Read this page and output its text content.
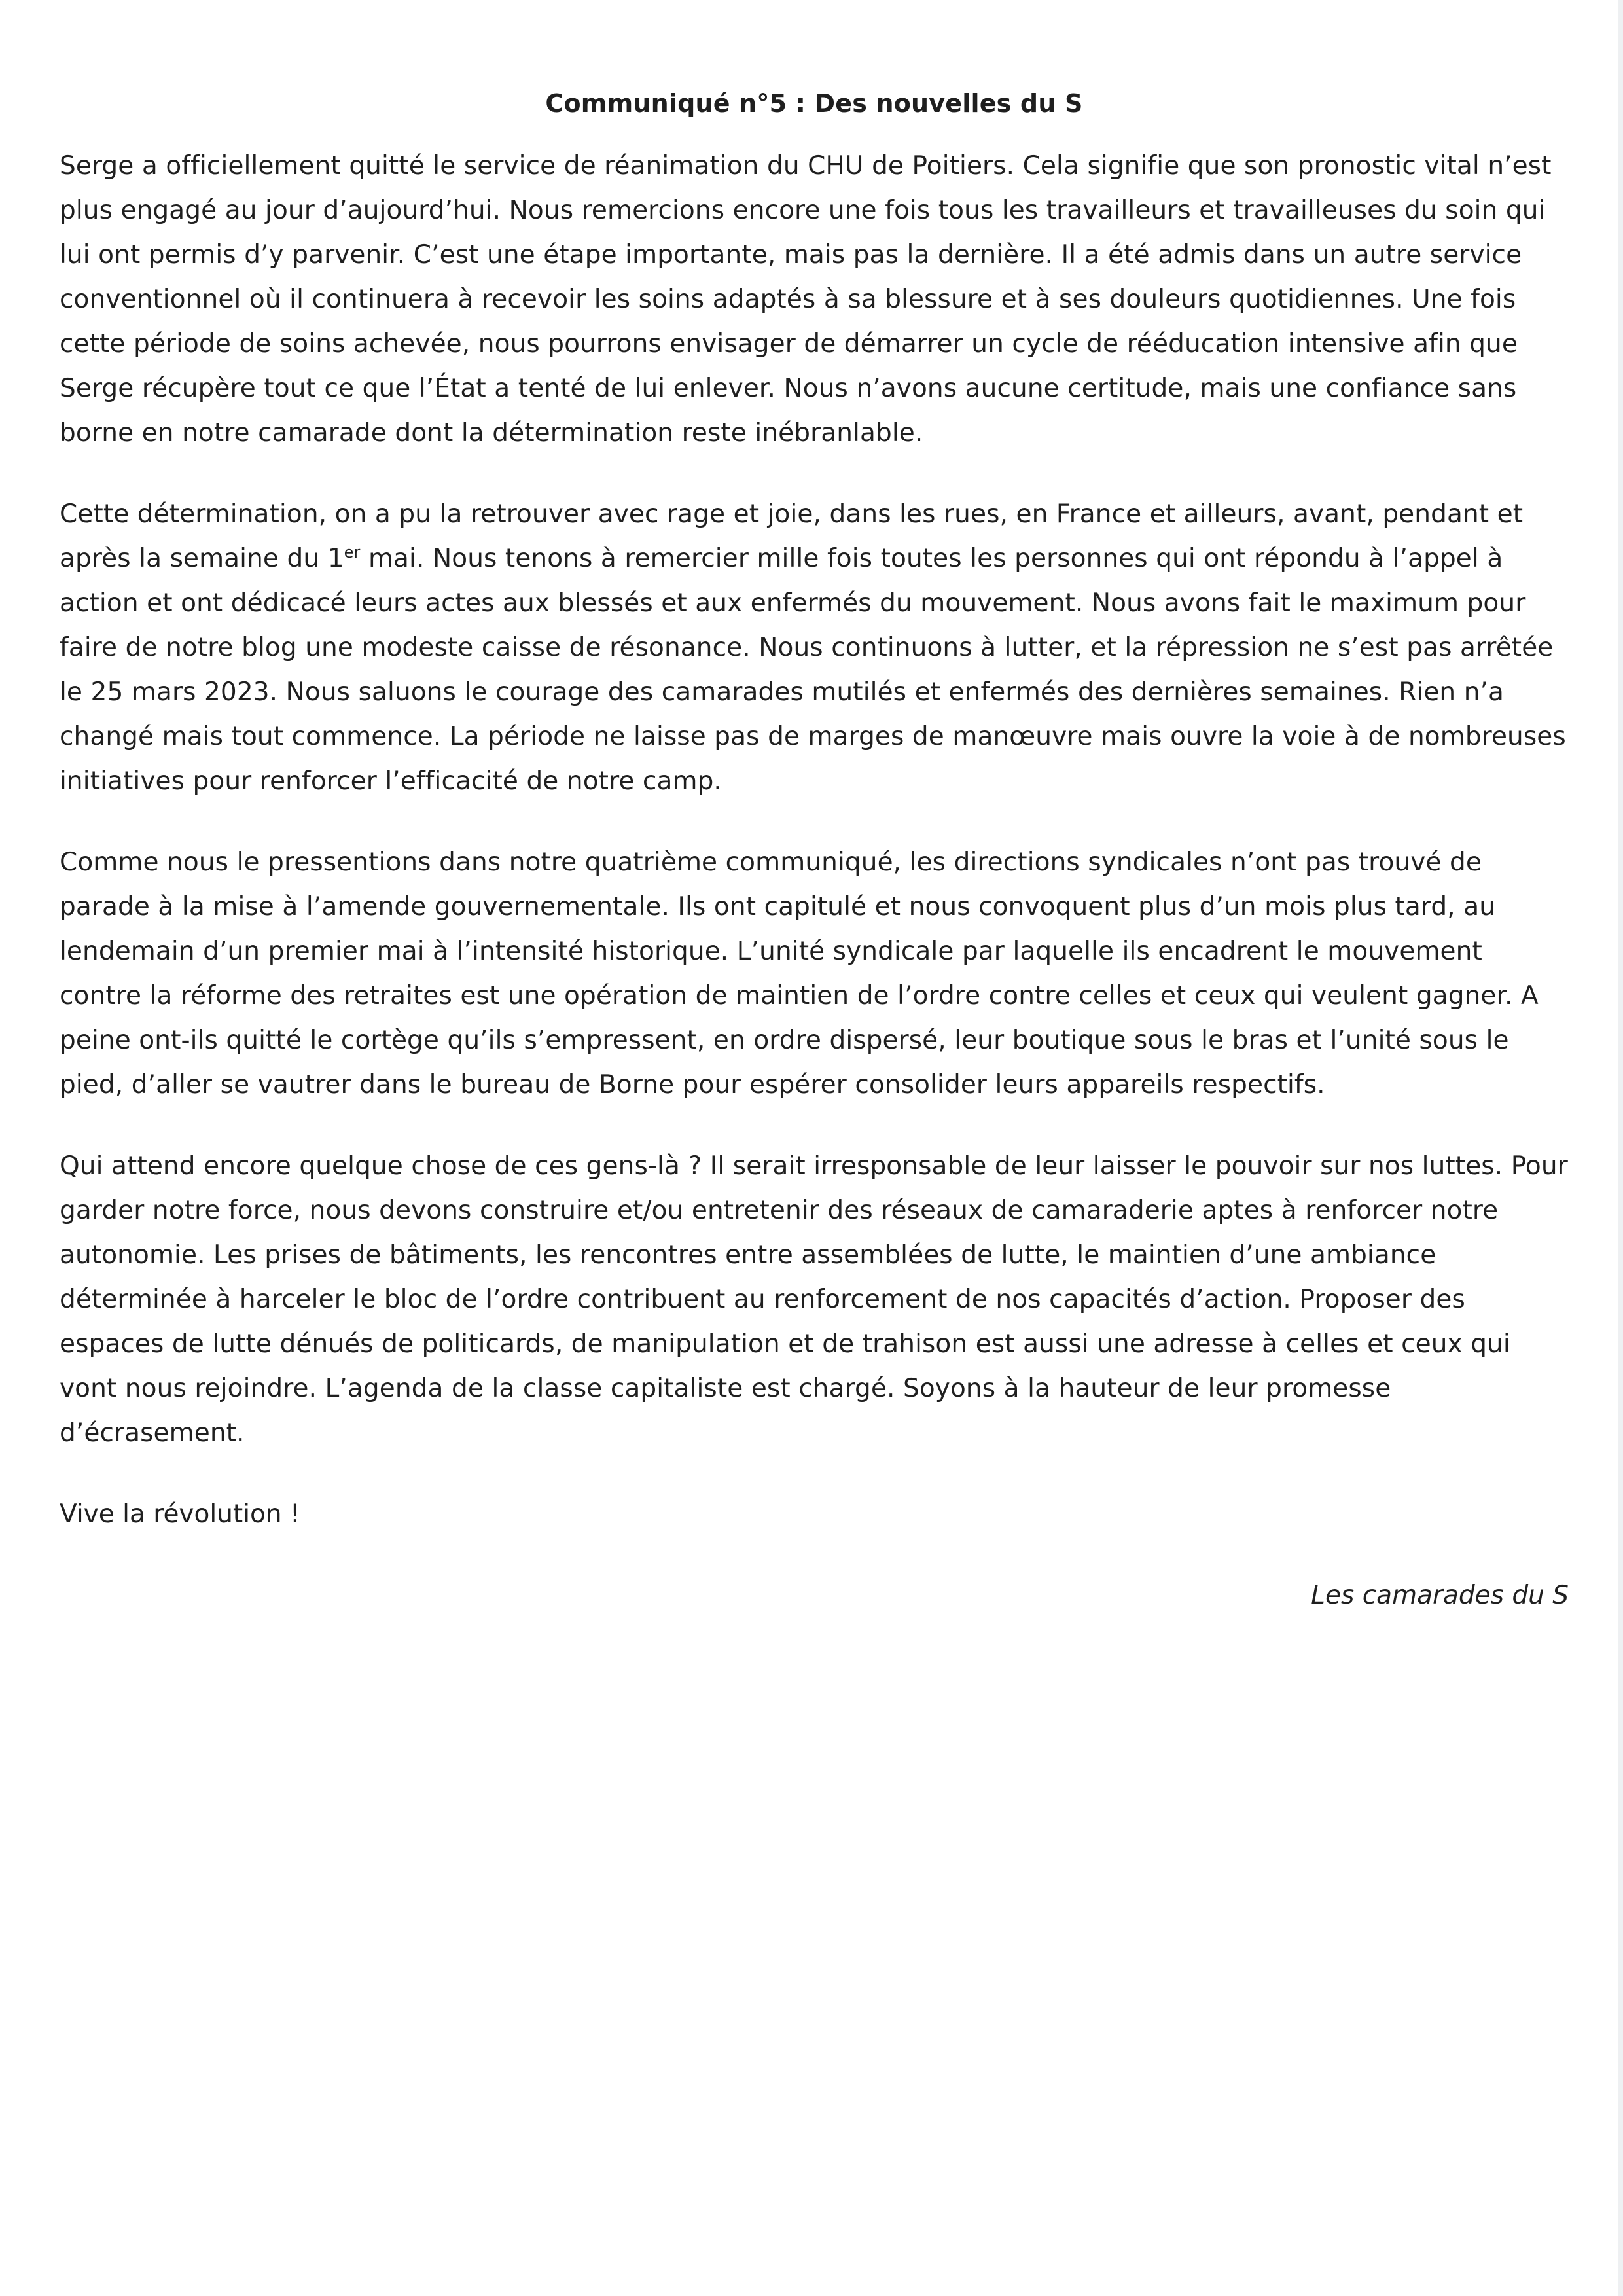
Communiqué n°5 : Des nouvelles du S

Serge a officiellement quitté le service de réanimation du CHU de Poitiers. Cela signifie que son pronostic vital n’est plus engagé au jour d’aujourd’hui. Nous remercions encore une fois tous les travailleurs et travailleuses du soin qui lui ont permis d’y parvenir. C’est une étape importante, mais pas la dernière. Il a été admis dans un autre service conventionnel où il continuera à recevoir les soins adaptés à sa blessure et à ses douleurs quotidiennes. Une fois cette période de soins achevée, nous pourrons envisager de démarrer un cycle de rééducation intensive afin que Serge récupère tout ce que l’État a tenté de lui enlever. Nous n’avons aucune certitude, mais une confiance sans borne en notre camarade dont la détermination reste inébranlable.

Cette détermination, on a pu la retrouver avec rage et joie, dans les rues, en France et ailleurs, avant, pendant et après la semaine du 1er mai. Nous tenons à remercier mille fois toutes les personnes qui ont répondu à l’appel à action et ont dédicacé leurs actes aux blessés et aux enfermés du mouvement. Nous avons fait le maximum pour faire de notre blog une modeste caisse de résonance. Nous continuons à lutter, et la répression ne s’est pas arrêtée le 25 mars 2023. Nous saluons le courage des camarades mutilés et enfermés des dernières semaines. Rien n’a changé mais tout commence. La période ne laisse pas de marges de manœuvre mais ouvre la voie à de nombreuses initiatives pour renforcer l’efficacité de notre camp.

Comme nous le pressentions dans notre quatrième communiqué, les directions syndicales n’ont pas trouvé de parade à la mise à l’amende gouvernementale. Ils ont capitulé et nous convoquent plus d’un mois plus tard, au lendemain d’un premier mai à l’intensité historique. L’unité syndicale par laquelle ils encadrent le mouvement contre la réforme des retraites est une opération de maintien de l’ordre contre celles et ceux qui veulent gagner. A peine ont-ils quitté le cortège qu’ils s’empressent, en ordre dispersé, leur boutique sous le bras et l’unité sous le pied, d’aller se vautrer dans le bureau de Borne pour espérer consolider leurs appareils respectifs.

Qui attend encore quelque chose de ces gens-là ? Il serait irresponsable de leur laisser le pouvoir sur nos luttes. Pour garder notre force, nous devons construire et/ou entretenir des réseaux de camaraderie aptes à renforcer notre autonomie. Les prises de bâtiments, les rencontres entre assemblées de lutte, le maintien d’une ambiance déterminée à harceler le bloc de l’ordre contribuent au renforcement de nos capacités d’action. Proposer des espaces de lutte dénués de politicards, de manipulation et de trahison est aussi une adresse à celles et ceux qui vont nous rejoindre. L’agenda de la classe capitaliste est chargé. Soyons à la hauteur de leur promesse d’écrasement.

Vive la révolution !

Les camarades du S
